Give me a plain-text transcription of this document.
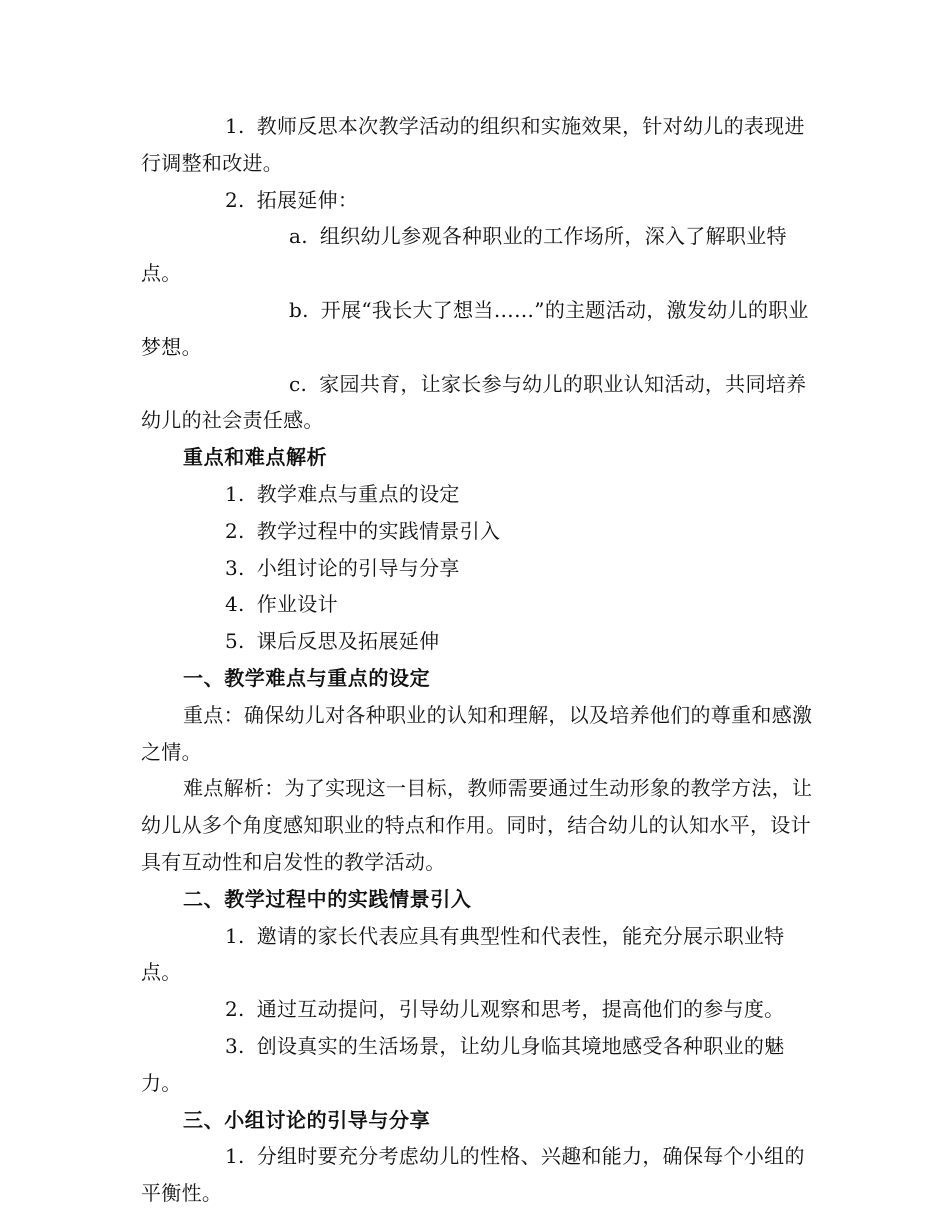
1. 教师反思本次教学活动的组织和实施效果，针对幼儿的表现进行调整和改进。

2. 拓展延伸：

a. 组织幼儿参观各种职业的工作场所，深入了解职业特点。

b. 开展“我长大了想当……”的主题活动，激发幼儿的职业梦想。

c. 家园共育，让家长参与幼儿的职业认知活动，共同培养幼儿的社会责任感。

重点和难点解析

1. 教学难点与重点的设定

2. 教学过程中的实践情景引入

3. 小组讨论的引导与分享

4. 作业设计

5. 课后反思及拓展延伸

一、教学难点与重点的设定

重点：确保幼儿对各种职业的认知和理解，以及培养他们的尊重和感激之情。

难点解析：为了实现这一目标，教师需要通过生动形象的教学方法，让幼儿从多个角度感知职业的特点和作用。同时，结合幼儿的认知水平，设计具有互动性和启发性的教学活动。

二、教学过程中的实践情景引入

1. 邀请的家长代表应具有典型性和代表性，能充分展示职业特点。

2. 通过互动提问，引导幼儿观察和思考，提高他们的参与度。

3. 创设真实的生活场景，让幼儿身临其境地感受各种职业的魅力。

三、小组讨论的引导与分享

1. 分组时要充分考虑幼儿的性格、兴趣和能力，确保每个小组的平衡性。
